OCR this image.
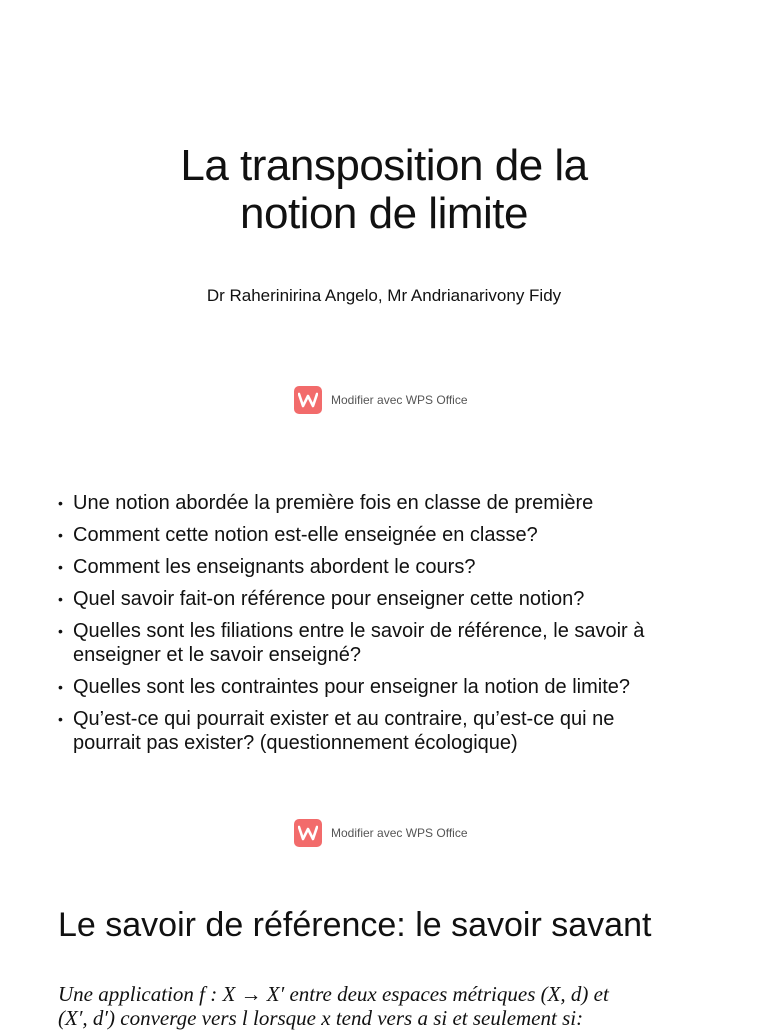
La transposition de la
notion de limite
Dr Raherinirina Angelo, Mr Andrianarivony Fidy
Modifier avec WPS Office
• Une notion abordée la première fois en classe de première
• Comment cette notion est-elle enseignée en classe?
• Comment les enseignants abordent le cours?
• Quel savoir fait-on référence pour enseigner cette notion?
• Quelles sont les filiations entre le savoir de référence, le savoir à
enseigner et le savoir enseigné?
• Quelles sont les contraintes pour enseigner la notion de limite?
• Qu’est-ce qui pourrait exister et au contraire, qu’est-ce qui ne
pourrait pas exister? (questionnement écologique)
Modifier avec WPS Office
Le savoir de référence: le savoir savant
Une application f : X → X′ entre deux espaces métriques (X, d) et
(X′, d′) converge vers l lorsque x tend vers a si et seulement si:
